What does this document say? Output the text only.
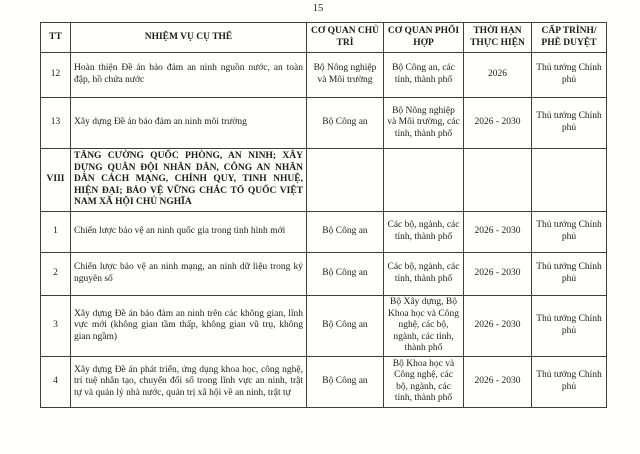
15
TT	NHIỆM VỤ CỤ THỂ	CƠ QUAN CHỦ TRÌ	CƠ QUAN PHỐI HỢP	THỜI HẠN THỰC HIỆN	CẤP TRÌNH/ PHÊ DUYỆT
12	Hoàn thiện Đề án bảo đảm an ninh nguồn nước, an toàn đập, hồ chứa nước	Bộ Nông nghiệp và Môi trường	Bộ Công an, các tỉnh, thành phố	2026	Thủ tướng Chính phủ
13	Xây dựng Đề án bảo đảm an ninh môi trường	Bộ Công an	Bộ Nông nghiệp và Môi trường, các tỉnh, thành phố	2026 - 2030	Thủ tướng Chính phủ
VIII	TĂNG CƯỜNG QUỐC PHÒNG, AN NINH; XÂY DỰNG QUÂN ĐỘI NHÂN DÂN, CÔNG AN NHÂN DÂN CÁCH MẠNG, CHÍNH QUY, TINH NHUỆ, HIỆN ĐẠI; BẢO VỆ VỮNG CHẮC TỔ QUỐC VIỆT NAM XÃ HỘI CHỦ NGHĨA				
1	Chiến lược bảo vệ an ninh quốc gia trong tình hình mới	Bộ Công an	Các bộ, ngành, các tỉnh, thành phố	2026 - 2030	Thủ tướng Chính phủ
2	Chiến lược bảo vệ an ninh mạng, an ninh dữ liệu trong kỷ nguyên số	Bộ Công an	Các bộ, ngành, các tỉnh, thành phố	2026 - 2030	Thủ tướng Chính phủ
3	Xây dựng Đề án bảo đảm an ninh trên các không gian, lĩnh vực mới (không gian tầm thấp, không gian vũ trụ, không gian ngầm)	Bộ Công an	Bộ Xây dựng, Bộ Khoa học và Công nghệ, các bộ, ngành, các tỉnh, thành phố	2026 - 2030	Thủ tướng Chính phủ
4	Xây dựng Đề án phát triển, ứng dụng khoa học, công nghệ, trí tuệ nhân tạo, chuyển đổi số trong lĩnh vực an ninh, trật tự và quản lý nhà nước, quản trị xã hội về an ninh, trật tự	Bộ Công an	Bộ Khoa học và Công nghệ, các bộ, ngành, các tỉnh, thành phố	2026 - 2030	Thủ tướng Chính phủ
